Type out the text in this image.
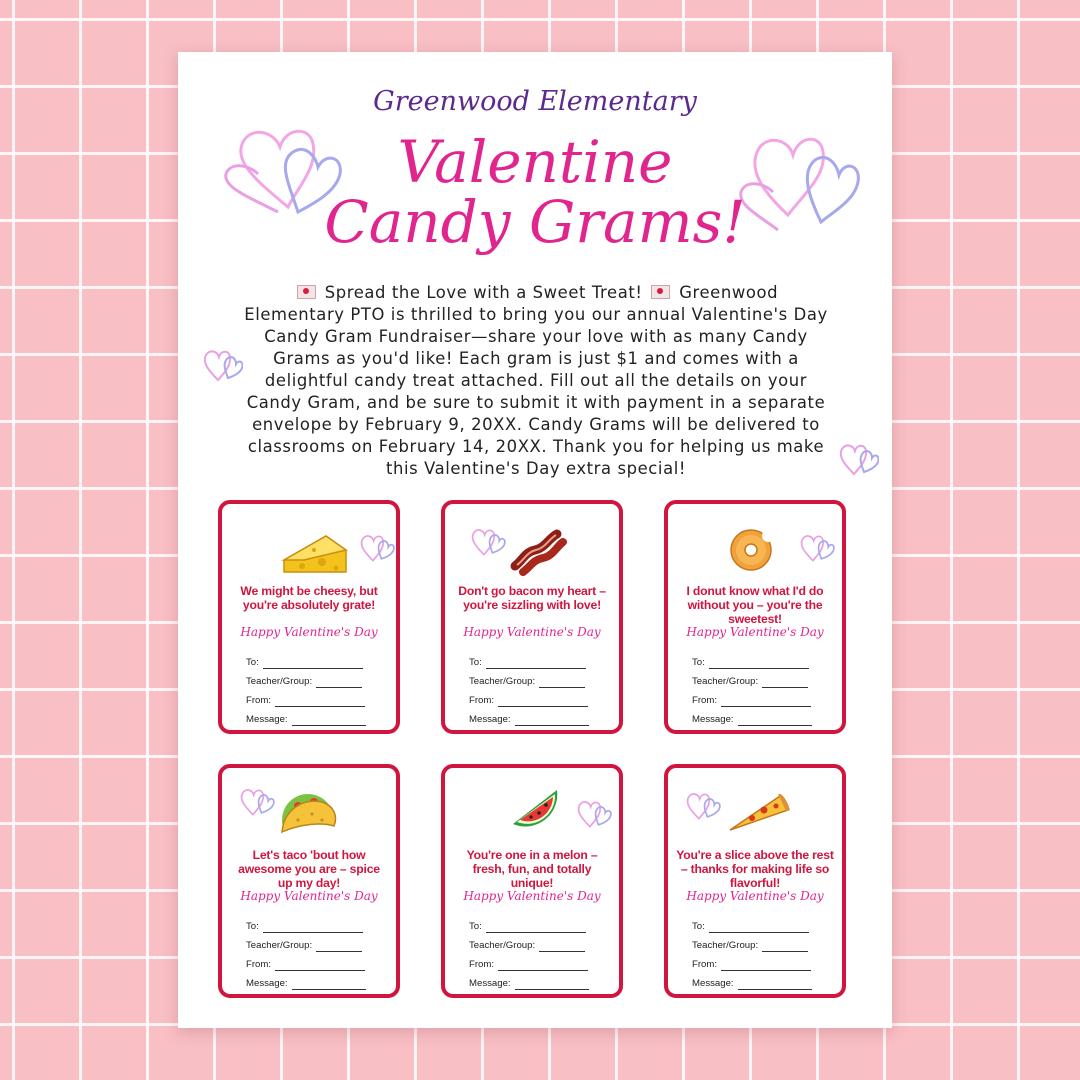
Greenwood Elementary
Valentine
Candy Grams!
Spread the Love with a Sweet Treat! Greenwood Elementary PTO is thrilled to bring you our annual Valentine's Day Candy Gram Fundraiser—share your love with as many Candy Grams as you'd like! Each gram is just $1 and comes with a delightful candy treat attached. Fill out all the details on your Candy Gram, and be sure to submit it with payment in a separate envelope by February 9, 20XX. Candy Grams will be delivered to classrooms on February 14, 20XX. Thank you for helping us make this Valentine's Day extra special!
We might be cheesy, but you're absolutely grate!
Happy Valentine's Day
To:
Teacher/Group:
From:
Message:
Don't go bacon my heart – you're sizzling with love!
Happy Valentine's Day
To:
Teacher/Group:
From:
Message:
I donut know what I'd do without you – you're the sweetest!
Happy Valentine's Day
To:
Teacher/Group:
From:
Message:
Let's taco 'bout how awesome you are – spice up my day!
Happy Valentine's Day
To:
Teacher/Group:
From:
Message:
You're one in a melon – fresh, fun, and totally unique!
Happy Valentine's Day
To:
Teacher/Group:
From:
Message:
You're a slice above the rest – thanks for making life so flavorful!
Happy Valentine's Day
To:
Teacher/Group:
From:
Message:
